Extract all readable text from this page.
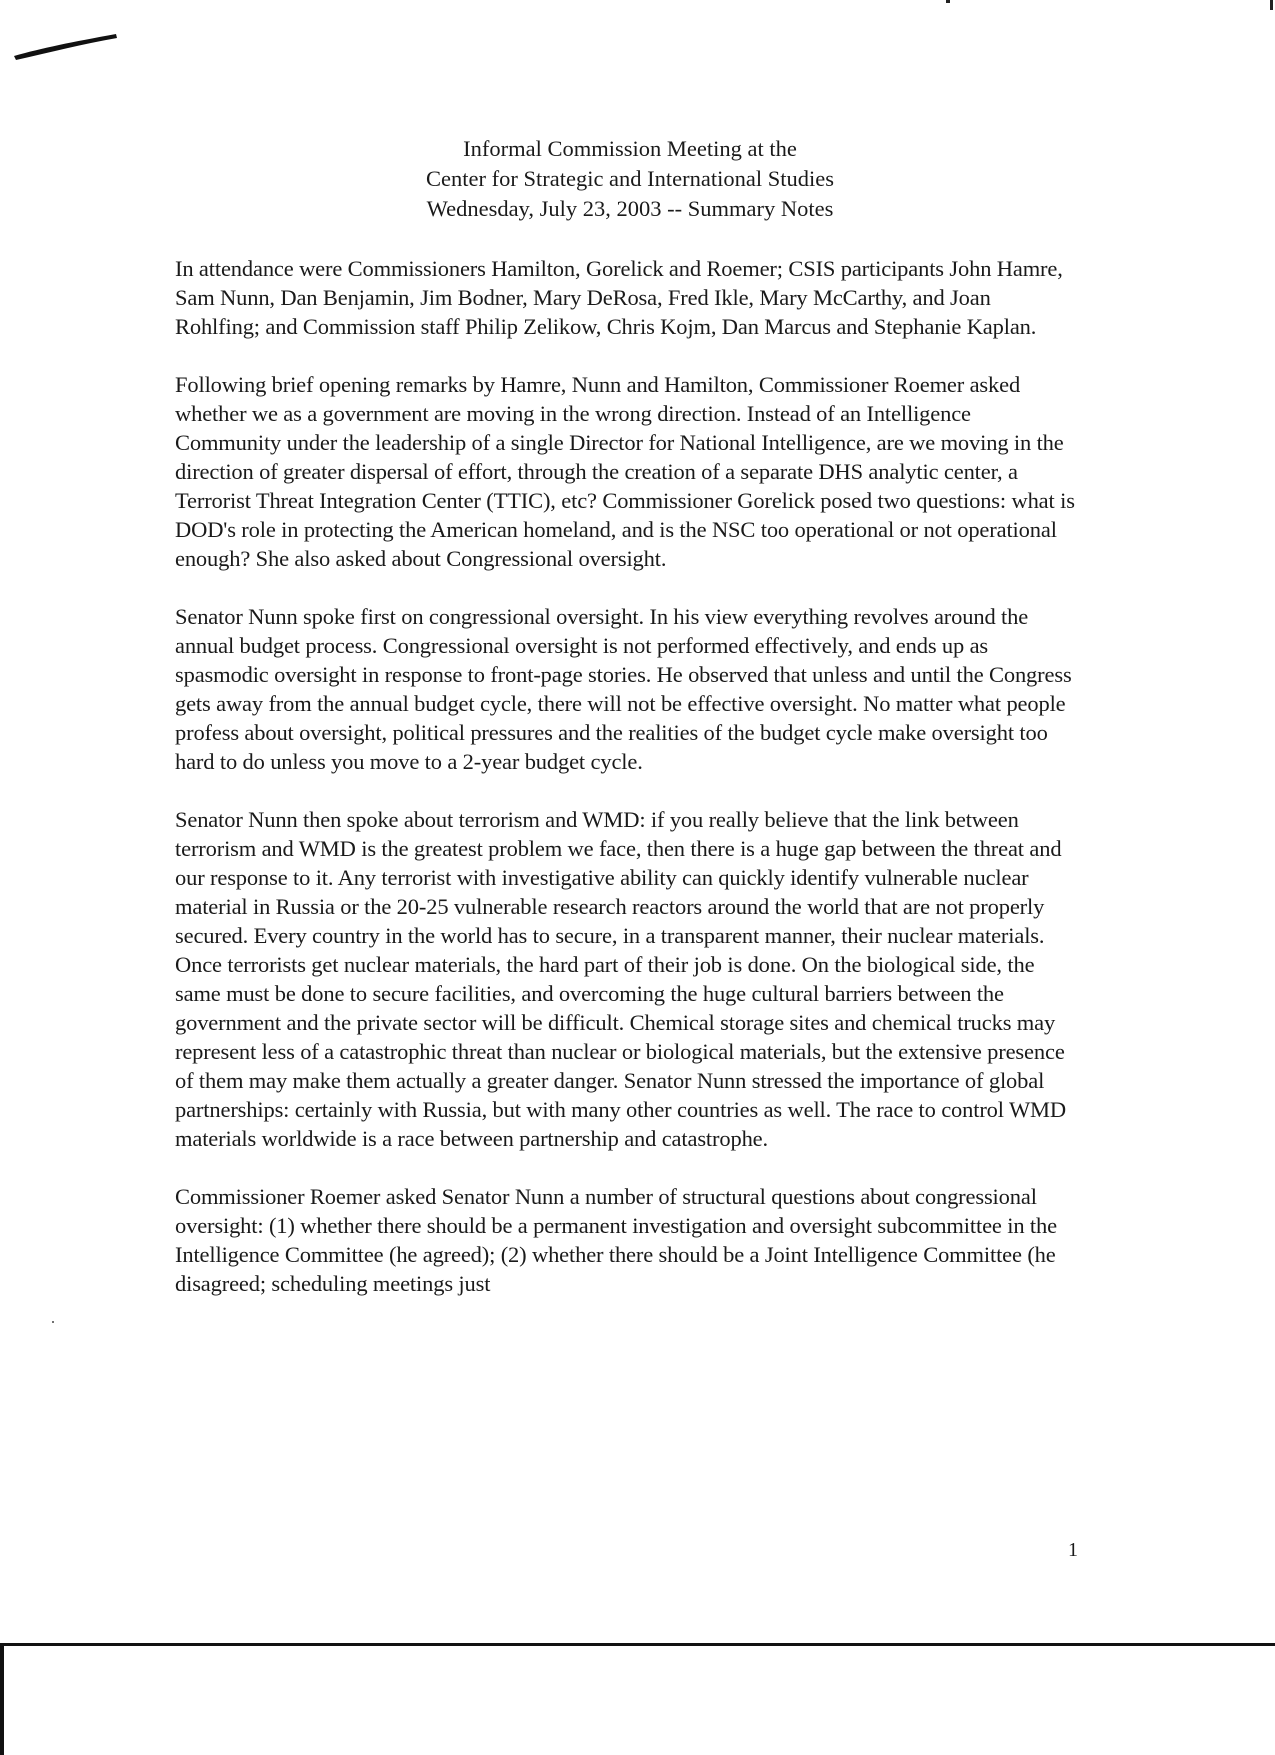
Informal Commission Meeting at the
Center for Strategic and International Studies
Wednesday, July 23, 2003 -- Summary Notes

In attendance were Commissioners Hamilton, Gorelick and Roemer; CSIS participants John Hamre, Sam Nunn, Dan Benjamin, Jim Bodner, Mary DeRosa, Fred Ikle, Mary McCarthy, and Joan Rohlfing; and Commission staff Philip Zelikow, Chris Kojm, Dan Marcus and Stephanie Kaplan.

Following brief opening remarks by Hamre, Nunn and Hamilton, Commissioner Roemer asked whether we as a government are moving in the wrong direction. Instead of an Intelligence Community under the leadership of a single Director for National Intelligence, are we moving in the direction of greater dispersal of effort, through the creation of a separate DHS analytic center, a Terrorist Threat Integration Center (TTIC), etc? Commissioner Gorelick posed two questions: what is DOD's role in protecting the American homeland, and is the NSC too operational or not operational enough? She also asked about Congressional oversight.

Senator Nunn spoke first on congressional oversight. In his view everything revolves around the annual budget process. Congressional oversight is not performed effectively, and ends up as spasmodic oversight in response to front-page stories. He observed that unless and until the Congress gets away from the annual budget cycle, there will not be effective oversight. No matter what people profess about oversight, political pressures and the realities of the budget cycle make oversight too hard to do unless you move to a 2-year budget cycle.

Senator Nunn then spoke about terrorism and WMD: if you really believe that the link between terrorism and WMD is the greatest problem we face, then there is a huge gap between the threat and our response to it. Any terrorist with investigative ability can quickly identify vulnerable nuclear material in Russia or the 20-25 vulnerable research reactors around the world that are not properly secured. Every country in the world has to secure, in a transparent manner, their nuclear materials. Once terrorists get nuclear materials, the hard part of their job is done. On the biological side, the same must be done to secure facilities, and overcoming the huge cultural barriers between the government and the private sector will be difficult. Chemical storage sites and chemical trucks may represent less of a catastrophic threat than nuclear or biological materials, but the extensive presence of them may make them actually a greater danger. Senator Nunn stressed the importance of global partnerships: certainly with Russia, but with many other countries as well. The race to control WMD materials worldwide is a race between partnership and catastrophe.

Commissioner Roemer asked Senator Nunn a number of structural questions about congressional oversight: (1) whether there should be a permanent investigation and oversight subcommittee in the Intelligence Committee (he agreed); (2) whether there should be a Joint Intelligence Committee (he disagreed; scheduling meetings just

1
